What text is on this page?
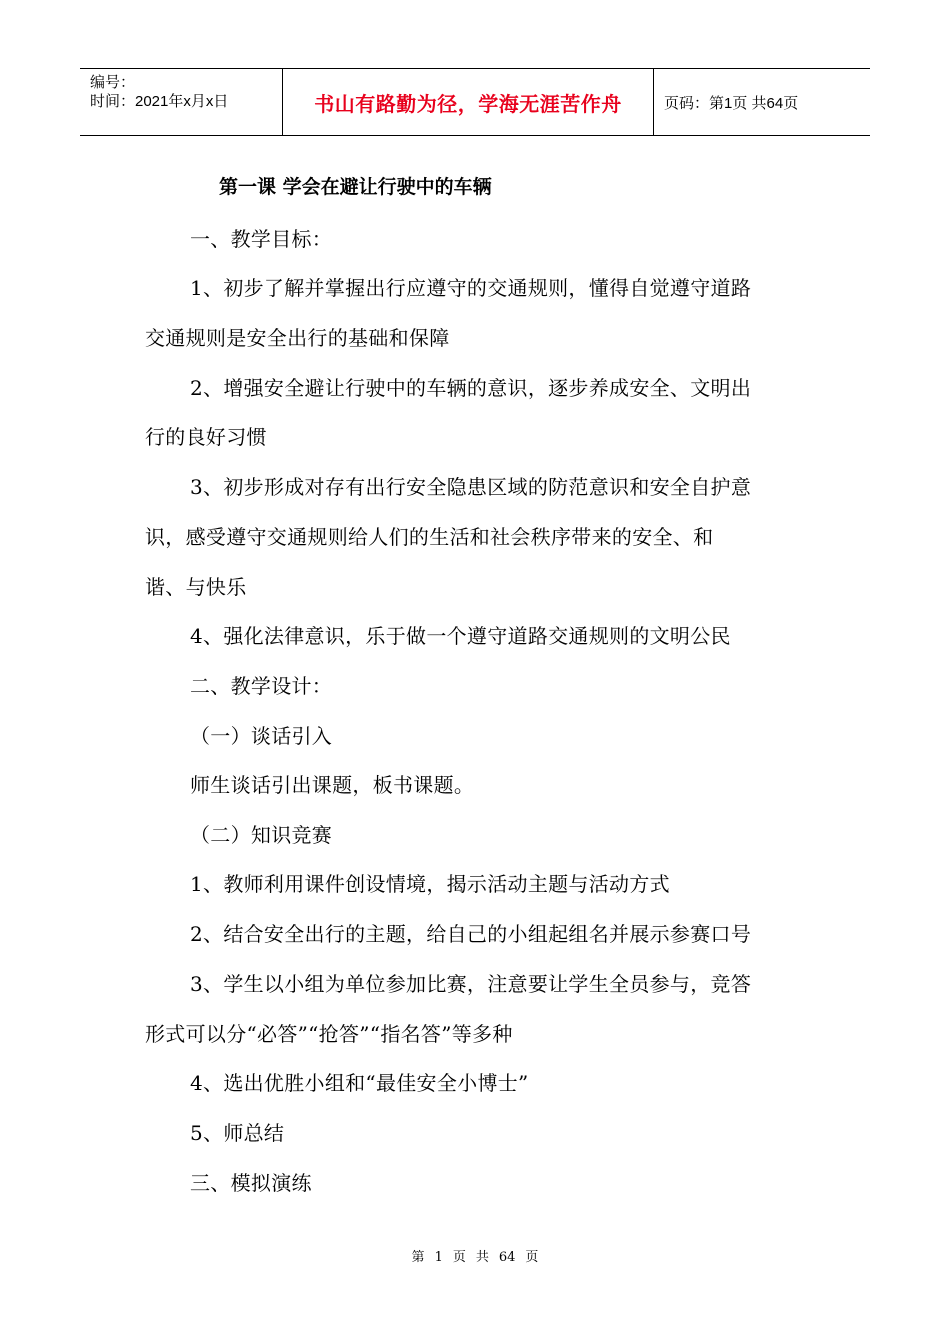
编号：
时间：2021年x月x日	书山有路勤为径，学海无涯苦作舟	页码：第1页 共64页
第一课 学会在避让行驶中的车辆
一、教学目标：
1、初步了解并掌握出行应遵守的交通规则，懂得自觉遵守道路
交通规则是安全出行的基础和保障
2、增强安全避让行驶中的车辆的意识，逐步养成安全、文明出
行的良好习惯
3、初步形成对存有出行安全隐患区域的防范意识和安全自护意
识，感受遵守交通规则给人们的生活和社会秩序带来的安全、和
谐、与快乐
4、强化法律意识，乐于做一个遵守道路交通规则的文明公民
二、教学设计：
（一）谈话引入
师生谈话引出课题，板书课题。
（二）知识竞赛
1、教师利用课件创设情境，揭示活动主题与活动方式
2、结合安全出行的主题，给自己的小组起组名并展示参赛口号
3、学生以小组为单位参加比赛，注意要让学生全员参与，竞答
形式可以分“必答”“抢答”“指名答”等多种
4、选出优胜小组和“最佳安全小博士”
5、师总结
三、模拟演练
第 1 页 共 64 页
